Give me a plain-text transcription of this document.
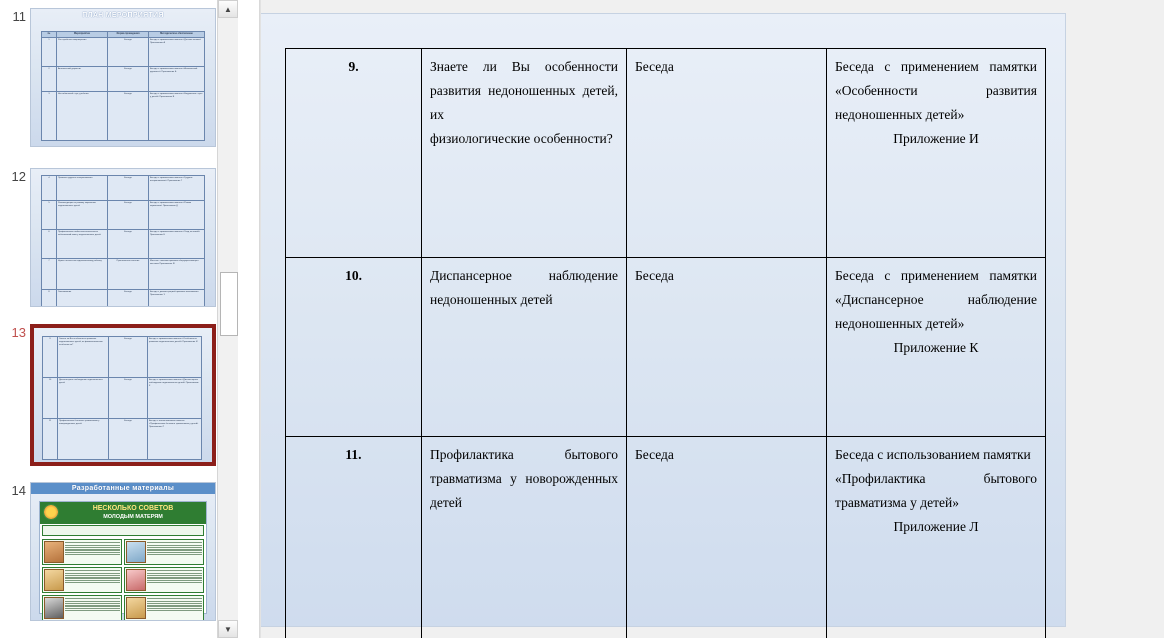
11	ПЛАН МЕРОПРИЯТИЯ
№	Мероприятие	Форма проведения	Методическое обеспечение
1	Расстройства пищеварения	Беседа	Беседа с применением памятки «Детские колики» Приложение А
2	Атопический дерматит	Беседа	Беседа с применением памятки «Атопический дерматит» Приложение Б
3	Нестабильный стул у ребенка	Беседа	Беседа с применением памятки «Нарушение стула у детей» Приложение В
12	4	Правила грудного вскармливания	Беседа	Беседа с применением памятки «Грудное вскармливание» Приложение Г
5	Рекомендации по режиму кормления недоношенных детей	Беседа	Беседа с применением памятки «Режим кормления» Приложение Д
6	Профилактика гнойно-воспалительных заболеваний кожи у недоношенных детей	Беседа	Беседа с применением памятки «Уход за кожей» Приложение Е
7	Нужен ли массаж недоношенному ребенку	Практическое занятие	Массаж с показом приемов общеукрепляющего массажа Приложение Ж
8	Закаливание	Беседа	Беседа с демонстрацией приемов закаливания Приложение З
13	9	Знаете ли Вы особенности развития недоношенных детей, их физиологические особенности?	Беседа	Беседа с применением памятки «Особенности развития недоношенных детей» Приложение И
10	Диспансерное наблюдение недоношенных детей	Беседа	Беседа с применением памятки «Диспансерное наблюдение недоношенных детей» Приложение К
11	Профилактика бытового травматизма у новорожденных детей	Беседа	Беседа с использованием памятки «Профилактика бытового травматизма у детей» Приложение Л
14	Разработанные материалы
НЕСКОЛЬКО СОВЕТОВ
МОЛОДЫМ МАТЕРЯМ
▲
▼
9.	Знаете ли Вы особенности
развития недоношенных детей, их
физиологические особенности?	Беседа	Беседа с применением памятки
«Особенности развития
недоношенных детей»
Приложение И

10.	Диспансерное наблюдение
недоношенных детей	Беседа	Беседа с применением памятки
«Диспансерное наблюдение
недоношенных детей»
Приложение К

11.	Профилактика бытового
травматизма у новорожденных
детей	Беседа	Беседа с использованием памятки
«Профилактика бытового
травматизма у детей»
Приложение Л
